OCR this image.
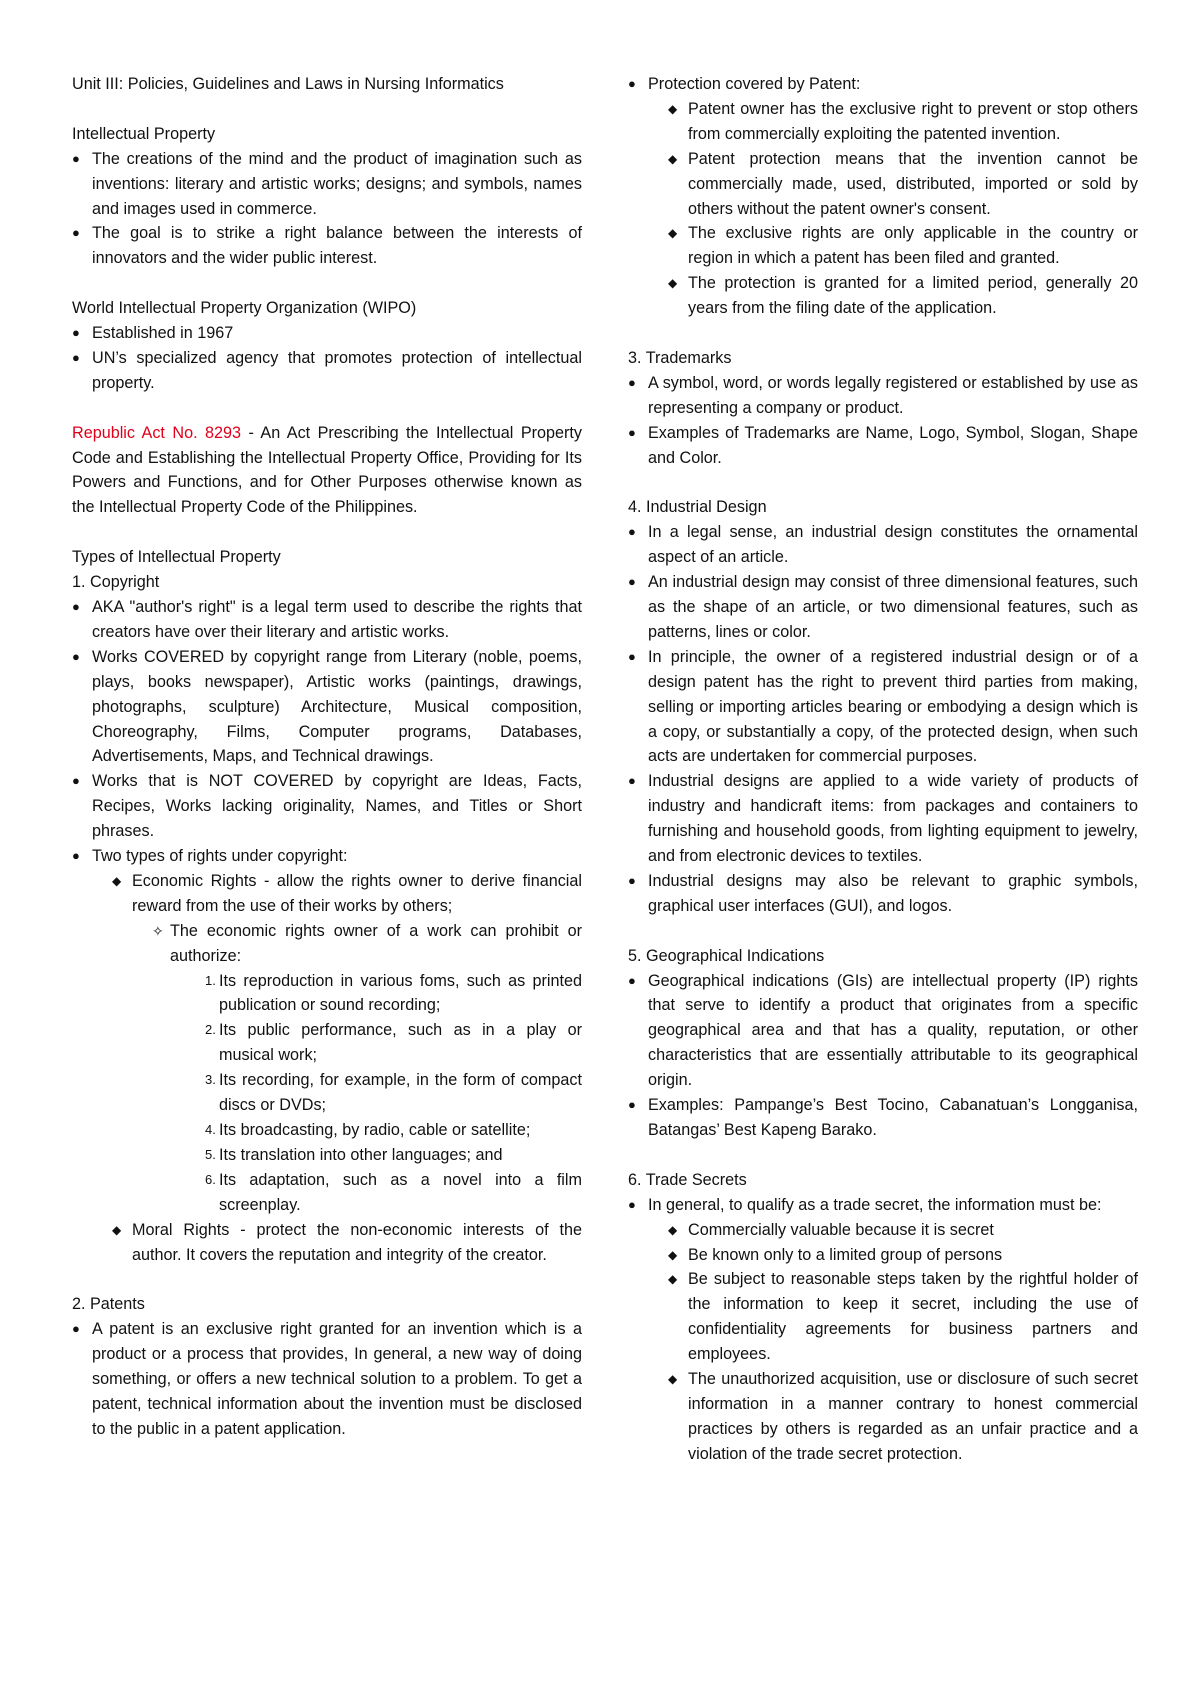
Unit III: Policies, Guidelines and Laws in Nursing Informatics

Intellectual Property

● The creations of the mind and the product of imagination such as inventions: literary and artistic works; designs; and symbols, names and images used in commerce.
● The goal is to strike a right balance between the interests of innovators and the wider public interest.

World Intellectual Property Organization (WIPO)

● Established in 1967
● UN’s specialized agency that promotes protection of intellectual property.

Republic Act No. 8293 - An Act Prescribing the Intellectual Property Code and Establishing the Intellectual Property Office, Providing for Its Powers and Functions, and for Other Purposes otherwise known as the Intellectual Property Code of the Philippines.

Types of Intellectual Property

1. Copyright

● AKA "author's right" is a legal term used to describe the rights that creators have over their literary and artistic works.
● Works COVERED by copyright range from Literary (noble, poems, plays, books newspaper), Artistic works (paintings, drawings, photographs, sculpture) Architecture, Musical composition, Choreography, Films, Computer programs, Databases, Advertisements, Maps, and Technical drawings.
● Works that is NOT COVERED by copyright are Ideas, Facts, Recipes, Works lacking originality, Names, and Titles or Short phrases.
● Two types of rights under copyright:
◆ Economic Rights - allow the rights owner to derive financial reward from the use of their works by others;
✧ The economic rights owner of a work can prohibit or authorize:
1. Its reproduction in various foms, such as printed publication or sound recording;
2. Its public performance, such as in a play or musical work;
3. Its recording, for example, in the form of compact discs or DVDs;
4. Its broadcasting, by radio, cable or satellite;
5. Its translation into other languages; and
6. Its adaptation, such as a novel into a film screenplay.
◆ Moral Rights - protect the non-economic interests of the author. It covers the reputation and integrity of the creator.

2. Patents

● A patent is an exclusive right granted for an invention which is a product or a process that provides, In general, a new way of doing something, or offers a new technical solution to a problem. To get a patent, technical information about the invention must be disclosed to the public in a patent application.
● Protection covered by Patent:
◆ Patent owner has the exclusive right to prevent or stop others from commercially exploiting the patented invention.
◆ Patent protection means that the invention cannot be commercially made, used, distributed, imported or sold by others without the patent owner's consent.
◆ The exclusive rights are only applicable in the country or region in which a patent has been filed and granted.
◆ The protection is granted for a limited period, generally 20 years from the filing date of the application.

3. Trademarks

● A symbol, word, or words legally registered or established by use as representing a company or product.
● Examples of Trademarks are Name, Logo, Symbol, Slogan, Shape and Color.

4. Industrial Design

● In a legal sense, an industrial design constitutes the ornamental aspect of an article.
● An industrial design may consist of three dimensional features, such as the shape of an article, or two dimensional features, such as patterns, lines or color.
● In principle, the owner of a registered industrial design or of a design patent has the right to prevent third parties from making, selling or importing articles bearing or embodying a design which is a copy, or substantially a copy, of the protected design, when such acts are undertaken for commercial purposes.
● Industrial designs are applied to a wide variety of products of industry and handicraft items: from packages and containers to furnishing and household goods, from lighting equipment to jewelry, and from electronic devices to textiles.
● Industrial designs may also be relevant to graphic symbols, graphical user interfaces (GUI), and logos.

5. Geographical Indications

● Geographical indications (GIs) are intellectual property (IP) rights that serve to identify a product that originates from a specific geographical area and that has a quality, reputation, or other characteristics that are essentially attributable to its geographical origin.
● Examples: Pampange’s Best Tocino, Cabanatuan’s Longganisa, Batangas’ Best Kapeng Barako.

6. Trade Secrets

● In general, to qualify as a trade secret, the information must be:
◆ Commercially valuable because it is secret
◆ Be known only to a limited group of persons
◆ Be subject to reasonable steps taken by the rightful holder of the information to keep it secret, including the use of confidentiality agreements for business partners and employees.
◆ The unauthorized acquisition, use or disclosure of such secret information in a manner contrary to honest commercial practices by others is regarded as an unfair practice and a violation of the trade secret protection.
